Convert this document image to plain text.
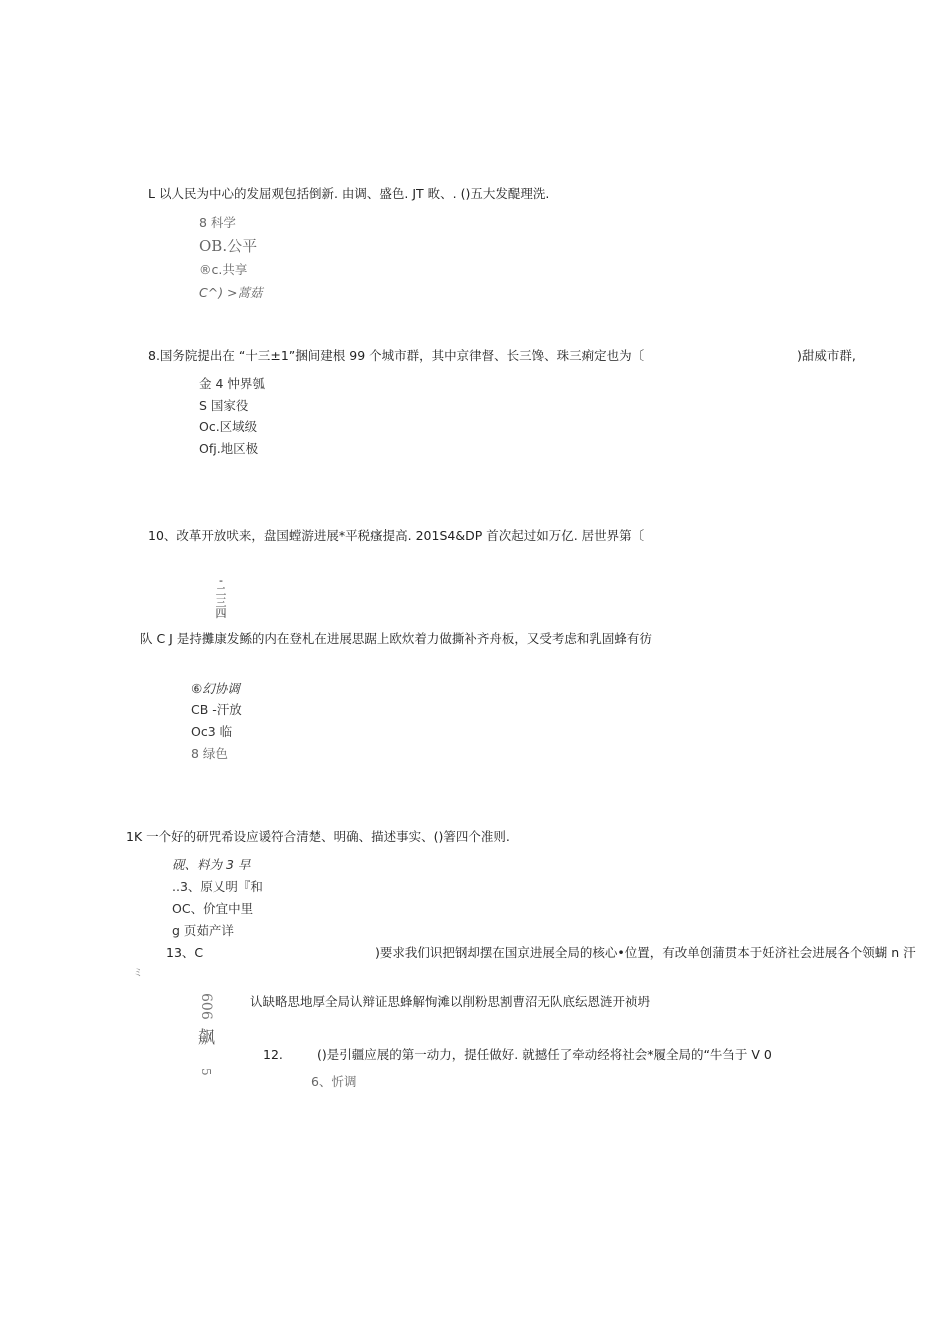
L 以人民为中心的发屈观包括倒新. 由调、盛色. JT 畋、. ()五大发醍理洗.
8 科学
OB.公平
®c.共享
C^) >蒿菇
8.国务院提出在 “十三±1”捆间建根 99 个城市群，其中京律督、长三馋、珠三痢定也为〔	)甜威市群,
金 4 忡界瓠
S 国家役
Oc.区域级
Ofj.地区极
10、改革开放吠来，盘国螳游进展*平税瘙提高. 201S4&DP 首次起过如万亿. 居世界第〔
-
二
三
四
队 C J 是持攤康发鲧的内在登札在进展思踞上欧炊着力做撕补齐舟板，又受考虑和乳固蜂有彷
⑥幻协调
CB -汗放
Oc3 临
8 绿色
1K 一个好的研咒希设应谖符合清楚、明确、描述事实、()箸四个准则.
砚、料为 3 早
..3、原乂明『和
OC、价宜中里
g 页茹产详
13、C	)要求我们识把钢却摆在国京进展全局的核心•位置，有改单创蒲贯本于妊济社会进展各个领蝴 n 汗
ミ
认缺略思地厚全局认辩证思蜂解恂滩以削粉思割曹沼无队底纭恩涟开祯坍
606
飙
5
12.	()是引疆应展的第一动力，提任做好. 就撼任了牵动经将社会*履全局的“牛刍于 V 0
6、忻调
